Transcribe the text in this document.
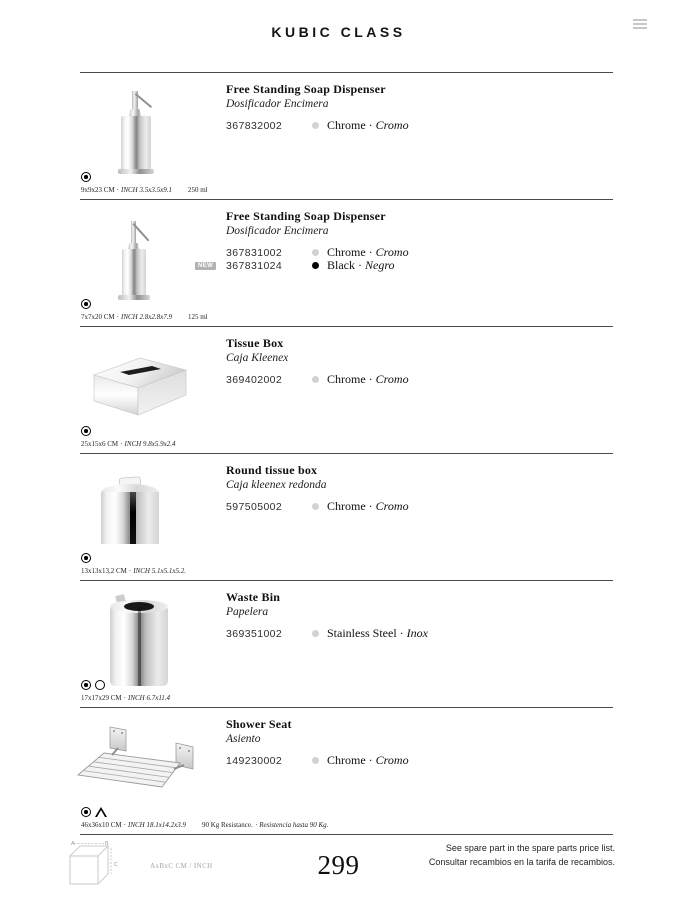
KUBIC CLASS
Free Standing Soap Dispenser
Dosificador Encimera
367832002	Chrome · Cromo
9x9x23 CM · INCH 3.5x3.5x9.1 250 ml
Free Standing Soap Dispenser
Dosificador Encimera
367831002	Chrome · Cromo
NEW 367831024	Black · Negro
7x7x20 CM · INCH 2.8x2.8x7.9 125 ml
Tissue Box
Caja Kleenex
369402002	Chrome · Cromo
25x15x6 CM · INCH 9.8x5.9x2.4
Round tissue box
Caja kleenex redonda
597505002	Chrome · Cromo
13x13x13,2 CM · INCH 5.1x5.1x5.2.
Waste Bin
Papelera
369351002	Stainless Steel · Inox
17x17x29 CM · INCH 6.7x11.4
Shower Seat
Asiento
149230002	Chrome · Cromo
46x36x10 CM · INCH 18.1x14.2x3.9 90 Kg Resistance. · Resistencia hasta 90 Kg.
A	B
C	AxBxC CM / INCH	299
See spare part in the spare parts price list.
Consultar recambios en la tarifa de recambios.
